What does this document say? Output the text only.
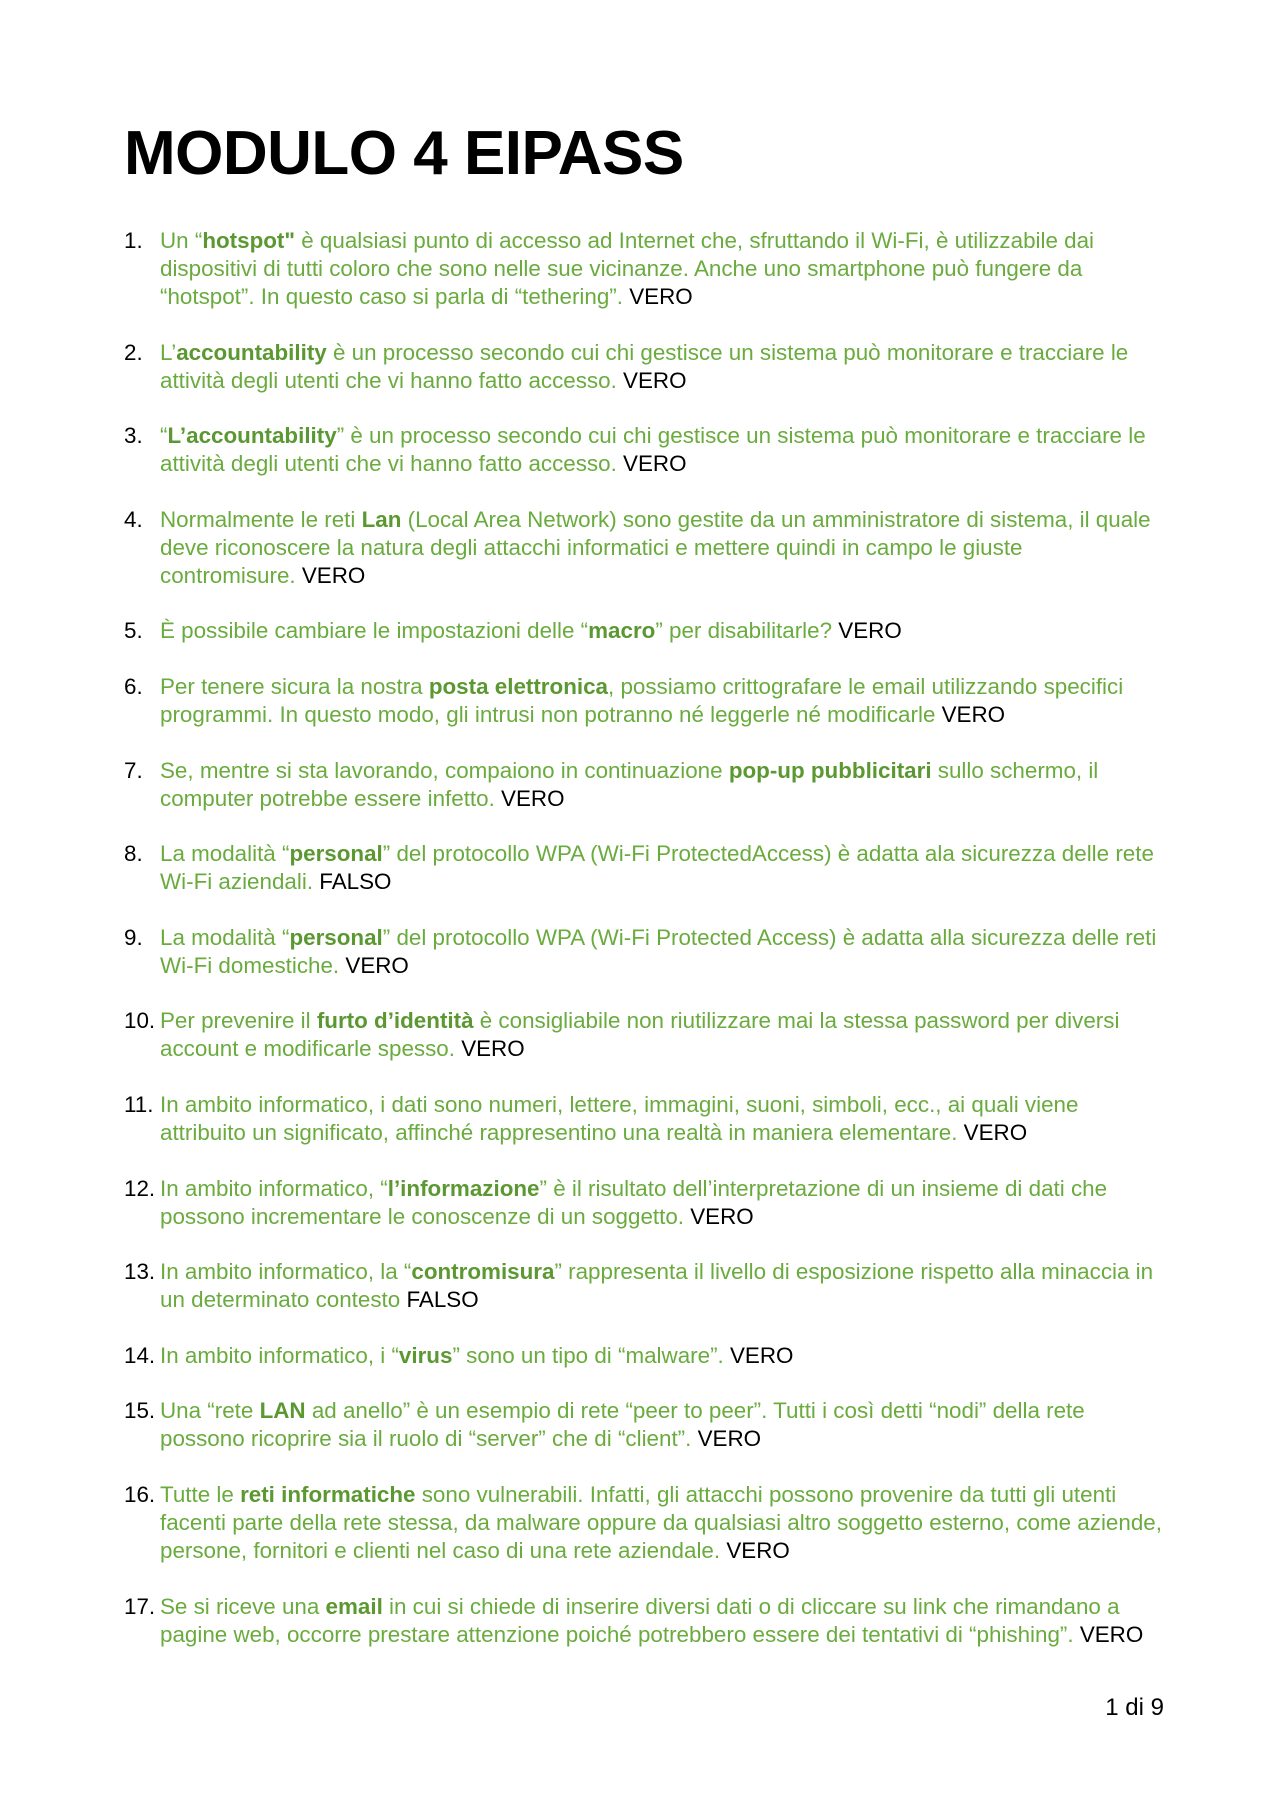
MODULO 4 EIPASS
1. Un “hotspot" è qualsiasi punto di accesso ad Internet che, sfruttando il Wi-Fi, è utilizzabile dai dispositivi di tutti coloro che sono nelle sue vicinanze. Anche uno smartphone può fungere da “hotspot”. In questo caso si parla di “tethering”. VERO
2. L’accountability è un processo secondo cui chi gestisce un sistema può monitorare e tracciare le attività degli utenti che vi hanno fatto accesso. VERO
3. “L’accountability” è un processo secondo cui chi gestisce un sistema può monitorare e tracciare le attività degli utenti che vi hanno fatto accesso. VERO
4. Normalmente le reti Lan (Local Area Network) sono gestite da un amministratore di sistema, il quale deve riconoscere la natura degli attacchi informatici e mettere quindi in campo le giuste contromisure. VERO
5. È possibile cambiare le impostazioni delle “macro” per disabilitarle? VERO
6. Per tenere sicura la nostra posta elettronica, possiamo crittografare le email utilizzando specifici programmi. In questo modo, gli intrusi non potranno né leggerle né modificarle VERO
7. Se, mentre si sta lavorando, compaiono in continuazione pop-up pubblicitari sullo schermo, il computer potrebbe essere infetto. VERO
8. La modalità “personal” del protocollo WPA (Wi-Fi ProtectedAccess) è adatta ala sicurezza delle rete Wi-Fi aziendali. FALSO
9. La modalità “personal” del protocollo WPA (Wi-Fi Protected Access) è adatta alla sicurezza delle reti Wi-Fi domestiche. VERO
10. Per prevenire il furto d’identità è consigliabile non riutilizzare mai la stessa password per diversi account e modificarle spesso. VERO
11. In ambito informatico, i dati sono numeri, lettere, immagini, suoni, simboli, ecc., ai quali viene attribuito un significato, affinché rappresentino una realtà in maniera elementare. VERO
12. In ambito informatico, “l’informazione” è il risultato dell’interpretazione di un insieme di dati che possono incrementare le conoscenze di un soggetto. VERO
13. In ambito informatico, la “contromisura” rappresenta il livello di esposizione rispetto alla minaccia in un determinato contesto FALSO
14. In ambito informatico, i “virus” sono un tipo di “malware”. VERO
15. Una “rete LAN ad anello” è un esempio di rete “peer to peer”. Tutti i così detti “nodi” della rete possono ricoprire sia il ruolo di “server” che di “client”. VERO
16. Tutte le reti informatiche sono vulnerabili. Infatti, gli attacchi possono provenire da tutti gli utenti facenti parte della rete stessa, da malware oppure da qualsiasi altro soggetto esterno, come aziende, persone, fornitori e clienti nel caso di una rete aziendale. VERO
17. Se si riceve una email in cui si chiede di inserire diversi dati o di cliccare su link che rimandano a pagine web, occorre prestare attenzione poiché potrebbero essere dei tentativi di “phishing”. VERO
1 di 9
